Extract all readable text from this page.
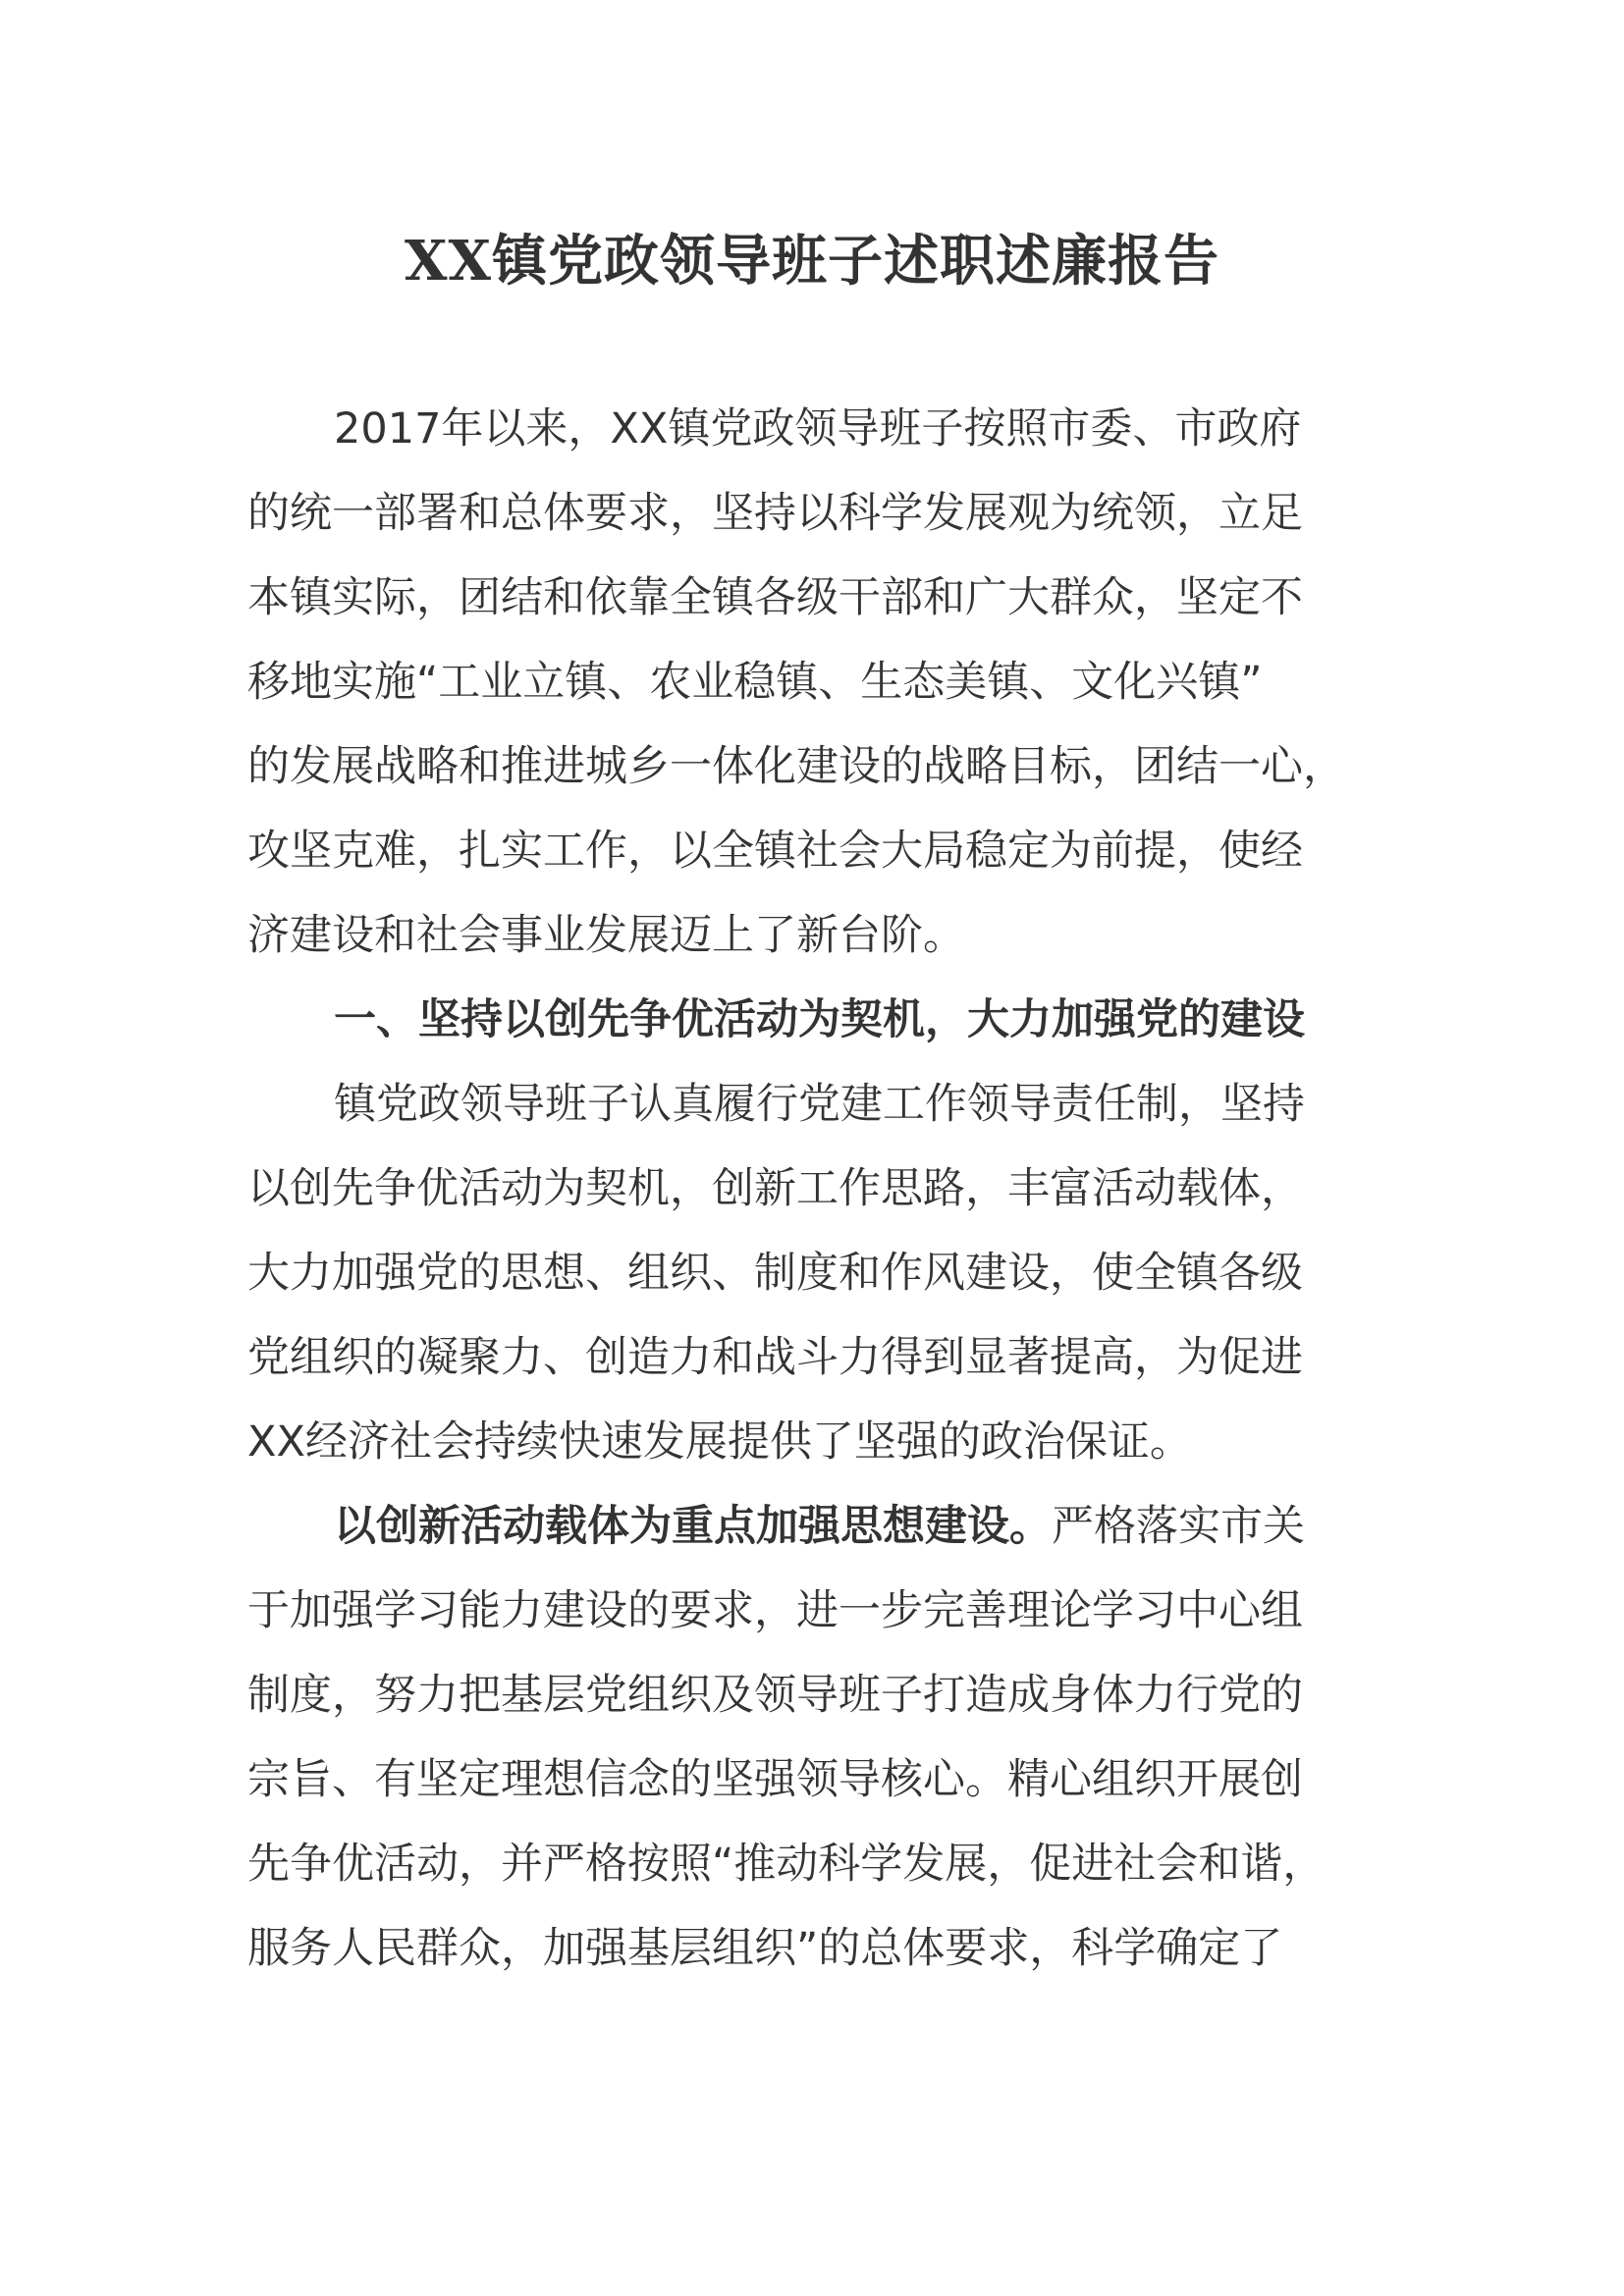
XX镇党政领导班子述职述廉报告
2017年以来，XX镇党政领导班子按照市委、市政府
的统一部署和总体要求，坚持以科学发展观为统领，立足
本镇实际，团结和依靠全镇各级干部和广大群众，坚定不
移地实施“工业立镇、农业稳镇、生态美镇、文化兴镇”
的发展战略和推进城乡一体化建设的战略目标，团结一心，
攻坚克难，扎实工作，以全镇社会大局稳定为前提，使经
济建设和社会事业发展迈上了新台阶。
一、坚持以创先争优活动为契机，大力加强党的建设
镇党政领导班子认真履行党建工作领导责任制，坚持
以创先争优活动为契机，创新工作思路，丰富活动载体，
大力加强党的思想、组织、制度和作风建设，使全镇各级
党组织的凝聚力、创造力和战斗力得到显著提高，为促进
XX经济社会持续快速发展提供了坚强的政治保证。
以创新活动载体为重点加强思想建设。严格落实市关
于加强学习能力建设的要求，进一步完善理论学习中心组
制度，努力把基层党组织及领导班子打造成身体力行党的
宗旨、有坚定理想信念的坚强领导核心。精心组织开展创
先争优活动，并严格按照“推动科学发展，促进社会和谐，
服务人民群众，加强基层组织”的总体要求，科学确定了
